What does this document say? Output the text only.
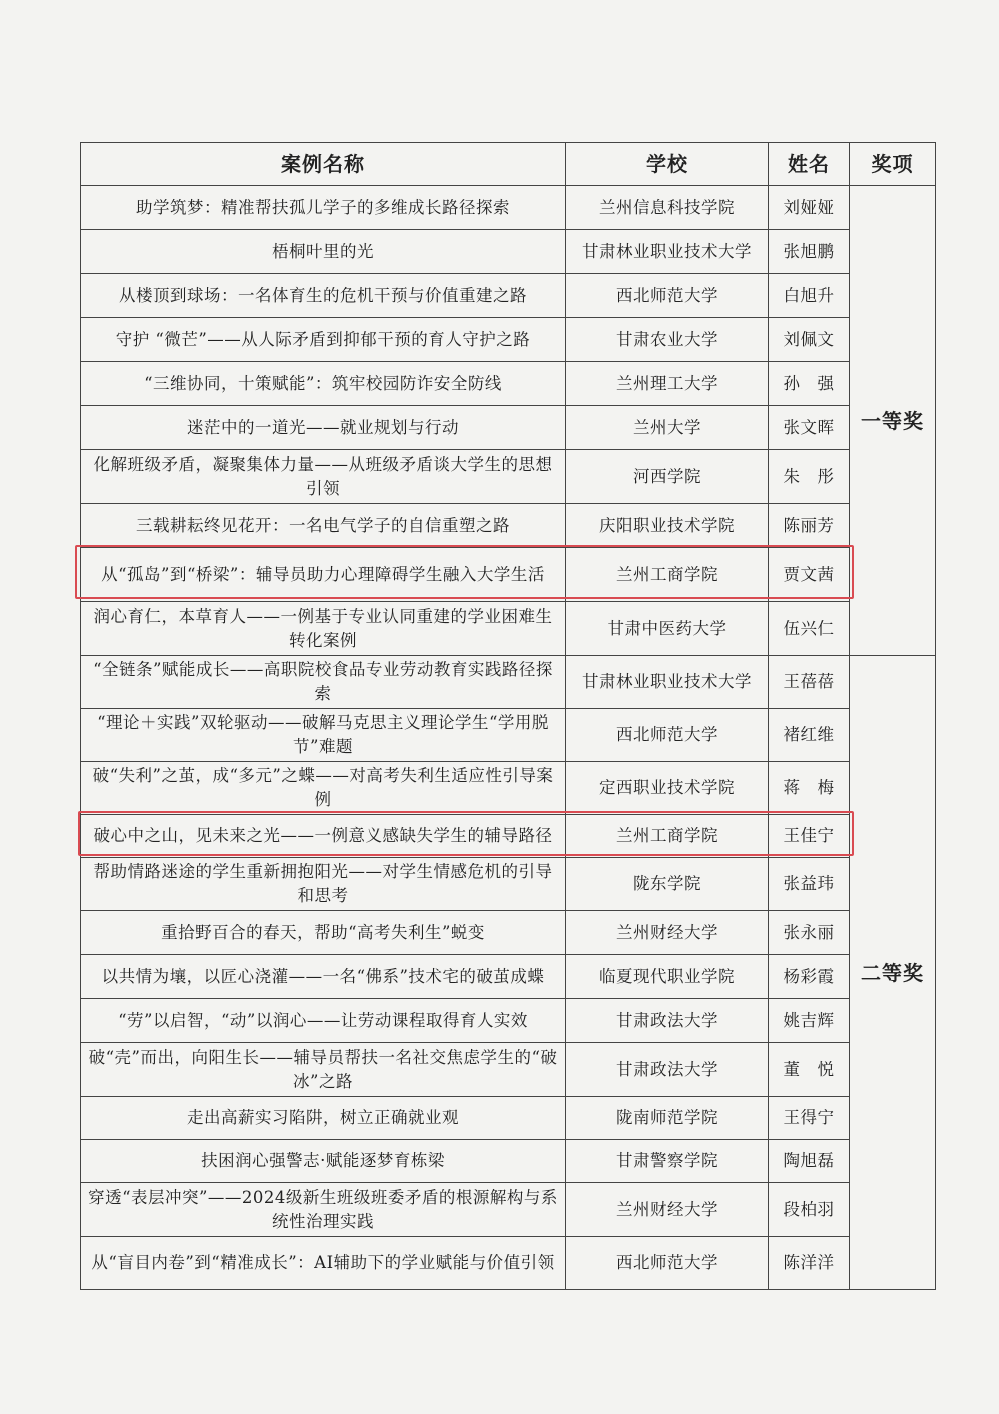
案例名称	学校	姓名	奖项
助学筑梦：精准帮扶孤儿学子的多维成长路径探索	兰州信息科技学院	刘娅娅	一等奖
梧桐叶里的光	甘肃林业职业技术大学	张旭鹏	
从楼顶到球场：一名体育生的危机干预与价值重建之路	西北师范大学	白旭升	
守护 “微芒”——从人际矛盾到抑郁干预的育人守护之路	甘肃农业大学	刘佩文	
“三维协同，十策赋能”：筑牢校园防诈安全防线	兰州理工大学	孙　强	
迷茫中的一道光——就业规划与行动	兰州大学	张文晖	
化解班级矛盾，凝聚集体力量——从班级矛盾谈大学生的思想引领	河西学院	朱　彤	
三载耕耘终见花开：一名电气学子的自信重塑之路	庆阳职业技术学院	陈丽芳	
从“孤岛”到“桥梁”：辅导员助力心理障碍学生融入大学生活	兰州工商学院	贾文茜	
润心育仁，本草育人——一例基于专业认同重建的学业困难生转化案例	甘肃中医药大学	伍兴仁	
“全链条”赋能成长——高职院校食品专业劳动教育实践路径探索	甘肃林业职业技术大学	王蓓蓓	二等奖
“理论＋实践”双轮驱动——破解马克思主义理论学生“学用脱节”难题	西北师范大学	褚红维	
破“失利”之茧，成“多元”之蝶——对高考失利生适应性引导案例	定西职业技术学院	蒋　梅	
破心中之山，见未来之光——一例意义感缺失学生的辅导路径	兰州工商学院	王佳宁	
帮助情路迷途的学生重新拥抱阳光——对学生情感危机的引导和思考	陇东学院	张益玮	
重拾野百合的春天，帮助“高考失利生”蜕变	兰州财经大学	张永丽	
以共情为壤，以匠心浇灌——一名“佛系”技术宅的破茧成蝶	临夏现代职业学院	杨彩霞	
“劳”以启智，“动”以润心——让劳动课程取得育人实效	甘肃政法大学	姚吉辉	
破“壳”而出，向阳生长——辅导员帮扶一名社交焦虑学生的“破冰”之路	甘肃政法大学	董　悦	
走出高薪实习陷阱，树立正确就业观	陇南师范学院	王得宁	
扶困润心强警志·赋能逐梦育栋梁	甘肃警察学院	陶旭磊	
穿透“表层冲突”——2024级新生班级班委矛盾的根源解构与系统性治理实践	兰州财经大学	段柏羽	
从“盲目内卷”到“精准成长”：AI辅助下的学业赋能与价值引领	西北师范大学	陈洋洋	
